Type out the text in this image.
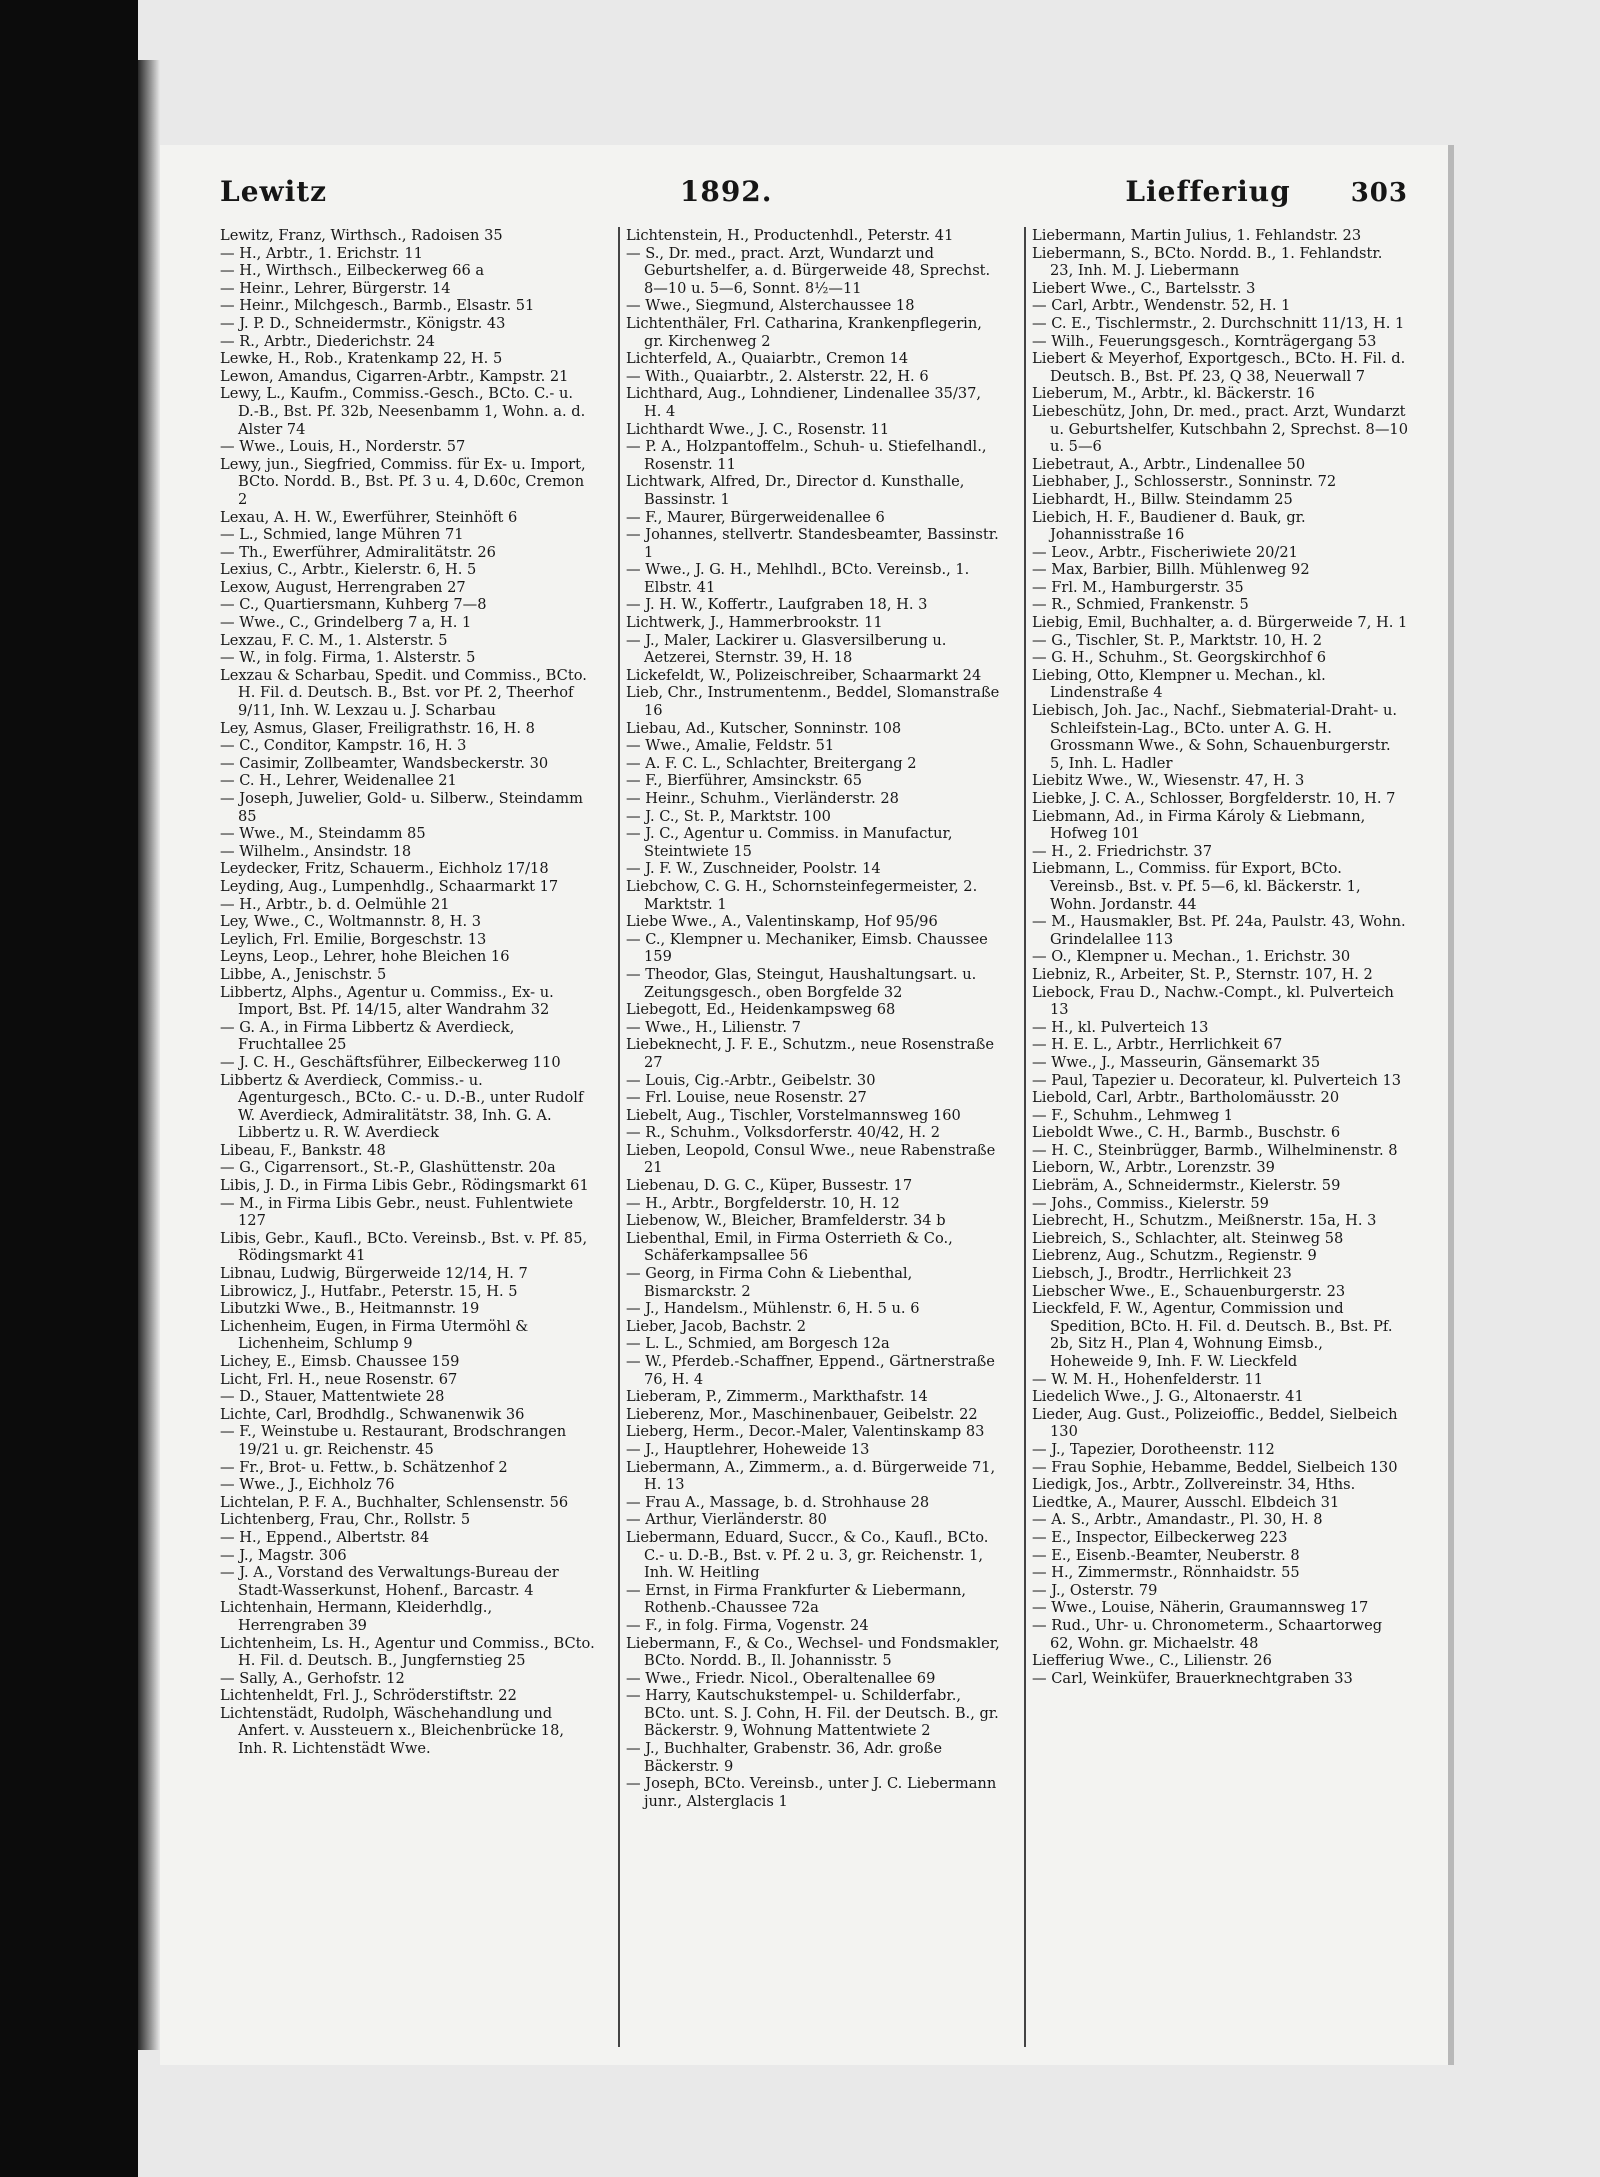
Lewitz	1892.	Liefferiug 303

Lewitz, Franz, Wirthsch., Radoisen 35

— H., Arbtr., 1. Erichstr. 11

— H., Wirthsch., Eilbeckerweg 66 a

— Heinr., Lehrer, Bürgerstr. 14

— Heinr., Milchgesch., Barmb., Elsastr. 51

— J. P. D., Schneidermstr., Königstr. 43

— R., Arbtr., Diederichstr. 24

Lewke, H., Rob., Kratenkamp 22, H. 5

Lewon, Amandus, Cigarren-Arbtr., Kampstr. 21

Lewy, L., Kaufm., Commiss.-Gesch., BCto. C.- u. D.-B., Bst. Pf. 32b, Neesenbamm 1, Wohn. a. d. Alster 74

— Wwe., Louis, H., Norderstr. 57

Lewy, jun., Siegfried, Commiss. für Ex- u. Import, BCto. Nordd. B., Bst. Pf. 3 u. 4, D.60c, Cremon 2

Lexau, A. H. W., Ewerführer, Steinhöft 6

— L., Schmied, lange Mühren 71

— Th., Ewerführer, Admiralitätstr. 26

Lexius, C., Arbtr., Kielerstr. 6, H. 5

Lexow, August, Herrengraben 27

— C., Quartiersmann, Kuhberg 7—8

— Wwe., C., Grindelberg 7 a, H. 1

Lexzau, F. C. M., 1. Alsterstr. 5

— W., in folg. Firma, 1. Alsterstr. 5

Lexzau & Scharbau, Spedit. und Commiss., BCto. H. Fil. d. Deutsch. B., Bst. vor Pf. 2, Theerhof 9/11, Inh. W. Lexzau u. J. Scharbau

Ley, Asmus, Glaser, Freiligrathstr. 16, H. 8

— C., Conditor, Kampstr. 16, H. 3

— Casimir, Zollbeamter, Wandsbeckerstr. 30

— C. H., Lehrer, Weidenallee 21

— Joseph, Juwelier, Gold- u. Silberw., Steindamm 85

— Wwe., M., Steindamm 85

— Wilhelm., Ansindstr. 18

Leydecker, Fritz, Schauerm., Eichholz 17/18

Leyding, Aug., Lumpenhdlg., Schaarmarkt 17

— H., Arbtr., b. d. Oelmühle 21

Ley, Wwe., C., Woltmannstr. 8, H. 3

Leylich, Frl. Emilie, Borgeschstr. 13

Leyns, Leop., Lehrer, hohe Bleichen 16

Libbe, A., Jenischstr. 5

Libbertz, Alphs., Agentur u. Commiss., Ex- u. Import, Bst. Pf. 14/15, alter Wandrahm 32

— G. A., in Firma Libbertz & Averdieck, Fruchtallee 25

— J. C. H., Geschäftsführer, Eilbeckerweg 110

Libbertz & Averdieck, Commiss.- u. Agenturgesch., BCto. C.- u. D.-B., unter Rudolf W. Averdieck, Admiralitätstr. 38, Inh. G. A. Libbertz u. R. W. Averdieck

Libeau, F., Bankstr. 48

— G., Cigarrensort., St.-P., Glashüttenstr. 20a

Libis, J. D., in Firma Libis Gebr., Rödingsmarkt 61

— M., in Firma Libis Gebr., neust. Fuhlentwiete 127

Libis, Gebr., Kaufl., BCto. Vereinsb., Bst. v. Pf. 85, Rödingsmarkt 41

Libnau, Ludwig, Bürgerweide 12/14, H. 7

Librowicz, J., Hutfabr., Peterstr. 15, H. 5

Libutzki Wwe., B., Heitmannstr. 19

Lichenheim, Eugen, in Firma Utermöhl & Lichenheim, Schlump 9

Lichey, E., Eimsb. Chaussee 159

Licht, Frl. H., neue Rosenstr. 67

— D., Stauer, Mattentwiete 28

Lichte, Carl, Brodhdlg., Schwanenwik 36

— F., Weinstube u. Restaurant, Brodschrangen 19/21 u. gr. Reichenstr. 45

— Fr., Brot- u. Fettw., b. Schätzenhof 2

— Wwe., J., Eichholz 76

Lichtelan, P. F. A., Buchhalter, Schlensenstr. 56

Lichtenberg, Frau, Chr., Rollstr. 5

— H., Eppend., Albertstr. 84

— J., Magstr. 306

— J. A., Vorstand des Verwaltungs-Bureau der Stadt-Wasserkunst, Hohenf., Barcastr. 4

Lichtenhain, Hermann, Kleiderhdlg., Herrengraben 39

Lichtenheim, Ls. H., Agentur und Commiss., BCto. H. Fil. d. Deutsch. B., Jungfernstieg 25

— Sally, A., Gerhofstr. 12

Lichtenheldt, Frl. J., Schröderstiftstr. 22

Lichtenstädt, Rudolph, Wäschehandlung und Anfert. v. Aussteuern x., Bleichenbrücke 18, Inh. R. Lichtenstädt Wwe.

Lichtenstein, H., Productenhdl., Peterstr. 41

— S., Dr. med., pract. Arzt, Wundarzt und Geburtshelfer, a. d. Bürgerweide 48, Sprechst. 8—10 u. 5—6, Sonnt. 8½—11

— Wwe., Siegmund, Alsterchaussee 18

Lichtenthäler, Frl. Catharina, Krankenpflegerin, gr. Kirchenweg 2

Lichterfeld, A., Quaiarbtr., Cremon 14

— With., Quaiarbtr., 2. Alsterstr. 22, H. 6

Lichthard, Aug., Lohndiener, Lindenallee 35/37, H. 4

Lichthardt Wwe., J. C., Rosenstr. 11

— P. A., Holzpantoffelm., Schuh- u. Stiefelhandl., Rosenstr. 11

Lichtwark, Alfred, Dr., Director d. Kunsthalle, Bassinstr. 1

— F., Maurer, Bürgerweidenallee 6

— Johannes, stellvertr. Standesbeamter, Bassinstr. 1

— Wwe., J. G. H., Mehlhdl., BCto. Vereinsb., 1. Elbstr. 41

— J. H. W., Koffertr., Laufgraben 18, H. 3

Lichtwerk, J., Hammerbrookstr. 11

— J., Maler, Lackirer u. Glasversilberung u. Aetzerei, Sternstr. 39, H. 18

Lickefeldt, W., Polizeischreiber, Schaarmarkt 24

Lieb, Chr., Instrumentenm., Beddel, Slomanstraße 16

Liebau, Ad., Kutscher, Sonninstr. 108

— Wwe., Amalie, Feldstr. 51

— A. F. C. L., Schlachter, Breitergang 2

— F., Bierführer, Amsinckstr. 65

— Heinr., Schuhm., Vierländerstr. 28

— J. C., St. P., Marktstr. 100

— J. C., Agentur u. Commiss. in Manufactur, Steintwiete 15

— J. F. W., Zuschneider, Poolstr. 14

Liebchow, C. G. H., Schornsteinfegermeister, 2. Marktstr. 1

Liebe Wwe., A., Valentinskamp, Hof 95/96

— C., Klempner u. Mechaniker, Eimsb. Chaussee 159

— Theodor, Glas, Steingut, Haushaltungsart. u. Zeitungsgesch., oben Borgfelde 32

Liebegott, Ed., Heidenkampsweg 68

— Wwe., H., Lilienstr. 7

Liebeknecht, J. F. E., Schutzm., neue Rosenstraße 27

— Louis, Cig.-Arbtr., Geibelstr. 30

— Frl. Louise, neue Rosenstr. 27

Liebelt, Aug., Tischler, Vorstelmannsweg 160

— R., Schuhm., Volksdorferstr. 40/42, H. 2

Lieben, Leopold, Consul Wwe., neue Rabenstraße 21

Liebenau, D. G. C., Küper, Bussestr. 17

— H., Arbtr., Borgfelderstr. 10, H. 12

Liebenow, W., Bleicher, Bramfelderstr. 34 b

Liebenthal, Emil, in Firma Osterrieth & Co., Schäferkampsallee 56

— Georg, in Firma Cohn & Liebenthal, Bismarckstr. 2

— J., Handelsm., Mühlenstr. 6, H. 5 u. 6

Lieber, Jacob, Bachstr. 2

— L. L., Schmied, am Borgesch 12a

— W., Pferdeb.-Schaffner, Eppend., Gärtnerstraße 76, H. 4

Lieberam, P., Zimmerm., Markthafstr. 14

Lieberenz, Mor., Maschinenbauer, Geibelstr. 22

Lieberg, Herm., Decor.-Maler, Valentinskamp 83

— J., Hauptlehrer, Hoheweide 13

Liebermann, A., Zimmerm., a. d. Bürgerweide 71, H. 13

— Frau A., Massage, b. d. Strohhause 28

— Arthur, Vierländerstr. 80

Liebermann, Eduard, Succr., & Co., Kaufl., BCto. C.- u. D.-B., Bst. v. Pf. 2 u. 3, gr. Reichenstr. 1, Inh. W. Heitling

— Ernst, in Firma Frankfurter & Liebermann, Rothenb.-Chaussee 72a

— F., in folg. Firma, Vogenstr. 24

Liebermann, F., & Co., Wechsel- und Fondsmakler, BCto. Nordd. B., Il. Johannisstr. 5

— Wwe., Friedr. Nicol., Oberaltenallee 69

— Harry, Kautschukstempel- u. Schilderfabr., BCto. unt. S. J. Cohn, H. Fil. der Deutsch. B., gr. Bäckerstr. 9, Wohnung Mattentwiete 2

— J., Buchhalter, Grabenstr. 36, Adr. große Bäckerstr. 9

— Joseph, BCto. Vereinsb., unter J. C. Liebermann junr., Alsterglacis 1

Liebermann, Martin Julius, 1. Fehlandstr. 23

Liebermann, S., BCto. Nordd. B., 1. Fehlandstr. 23, Inh. M. J. Liebermann

Liebert Wwe., C., Bartelsstr. 3

— Carl, Arbtr., Wendenstr. 52, H. 1

— C. E., Tischlermstr., 2. Durchschnitt 11/13, H. 1

— Wilh., Feuerungsgesch., Kornträgergang 53

Liebert & Meyerhof, Exportgesch., BCto. H. Fil. d. Deutsch. B., Bst. Pf. 23, Q 38, Neuerwall 7

Lieberum, M., Arbtr., kl. Bäckerstr. 16

Liebeschütz, John, Dr. med., pract. Arzt, Wundarzt u. Geburtshelfer, Kutschbahn 2, Sprechst. 8—10 u. 5—6

Liebetraut, A., Arbtr., Lindenallee 50

Liebhaber, J., Schlosserstr., Sonninstr. 72

Liebhardt, H., Billw. Steindamm 25

Liebich, H. F., Baudiener d. Bauk, gr. Johannisstraße 16

— Leov., Arbtr., Fischeriwiete 20/21

— Max, Barbier, Billh. Mühlenweg 92

— Frl. M., Hamburgerstr. 35

— R., Schmied, Frankenstr. 5

Liebig, Emil, Buchhalter, a. d. Bürgerweide 7, H. 1

— G., Tischler, St. P., Marktstr. 10, H. 2

— G. H., Schuhm., St. Georgskirchhof 6

Liebing, Otto, Klempner u. Mechan., kl. Lindenstraße 4

Liebisch, Joh. Jac., Nachf., Siebmaterial-Draht- u. Schleifstein-Lag., BCto. unter A. G. H. Grossmann Wwe., & Sohn, Schauenburgerstr. 5, Inh. L. Hadler

Liebitz Wwe., W., Wiesenstr. 47, H. 3

Liebke, J. C. A., Schlosser, Borgfelderstr. 10, H. 7

Liebmann, Ad., in Firma Károly & Liebmann, Hofweg 101

— H., 2. Friedrichstr. 37

Liebmann, L., Commiss. für Export, BCto. Vereinsb., Bst. v. Pf. 5—6, kl. Bäckerstr. 1, Wohn. Jordanstr. 44

— M., Hausmakler, Bst. Pf. 24a, Paulstr. 43, Wohn. Grindelallee 113

— O., Klempner u. Mechan., 1. Erichstr. 30

Liebniz, R., Arbeiter, St. P., Sternstr. 107, H. 2

Liebock, Frau D., Nachw.-Compt., kl. Pulverteich 13

— H., kl. Pulverteich 13

— H. E. L., Arbtr., Herrlichkeit 67

— Wwe., J., Masseurin, Gänsemarkt 35

— Paul, Tapezier u. Decorateur, kl. Pulverteich 13

Liebold, Carl, Arbtr., Bartholomäusstr. 20

— F., Schuhm., Lehmweg 1

Lieboldt Wwe., C. H., Barmb., Buschstr. 6

— H. C., Steinbrügger, Barmb., Wilhelminenstr. 8

Lieborn, W., Arbtr., Lorenzstr. 39

Liebräm, A., Schneidermstr., Kielerstr. 59

— Johs., Commiss., Kielerstr. 59

Liebrecht, H., Schutzm., Meißnerstr. 15a, H. 3

Liebreich, S., Schlachter, alt. Steinweg 58

Liebrenz, Aug., Schutzm., Regienstr. 9

Liebsch, J., Brodtr., Herrlichkeit 23

Liebscher Wwe., E., Schauenburgerstr. 23

Lieckfeld, F. W., Agentur, Commission und Spedition, BCto. H. Fil. d. Deutsch. B., Bst. Pf. 2b, Sitz H., Plan 4, Wohnung Eimsb., Hoheweide 9, Inh. F. W. Lieckfeld

— W. M. H., Hohenfelderstr. 11

Liedelich Wwe., J. G., Altonaerstr. 41

Lieder, Aug. Gust., Polizeioffic., Beddel, Sielbeich 130

— J., Tapezier, Dorotheenstr. 112

— Frau Sophie, Hebamme, Beddel, Sielbeich 130

Liedigk, Jos., Arbtr., Zollvereinstr. 34, Hths.

Liedtke, A., Maurer, Ausschl. Elbdeich 31

— A. S., Arbtr., Amandastr., Pl. 30, H. 8

— E., Inspector, Eilbeckerweg 223

— E., Eisenb.-Beamter, Neuberstr. 8

— H., Zimmermstr., Rönnhaidstr. 55

— J., Osterstr. 79

— Wwe., Louise, Näherin, Graumannsweg 17

— Rud., Uhr- u. Chronometerm., Schaartorweg 62, Wohn. gr. Michaelstr. 48

Liefferiug Wwe., C., Lilienstr. 26

— Carl, Weinküfer, Brauerknechtgraben 33
